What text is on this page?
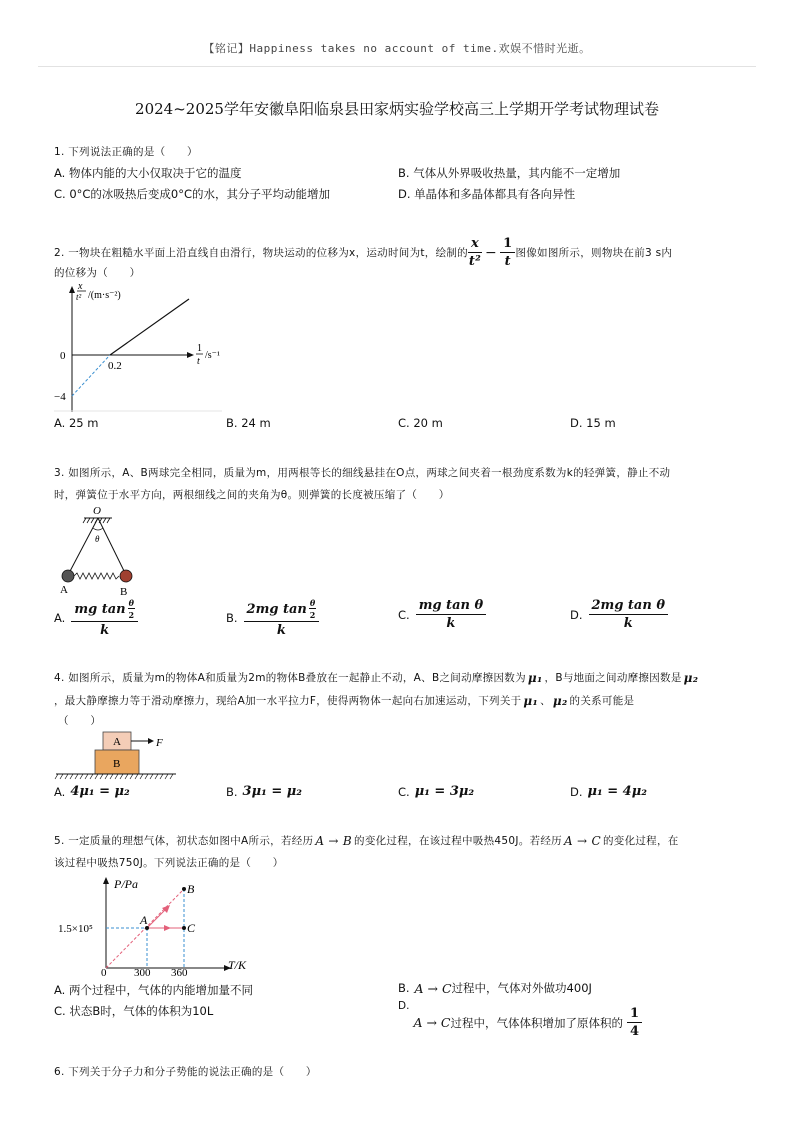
【铭记】Happiness takes no account of time.欢娱不惜时光逝。
2024~2025学年安徽阜阳临泉县田家炳实验学校高三上学期开学考试物理试卷
1. 下列说法正确的是（　　）
A. 物体内能的大小仅取决于它的温度	B. 气体从外界吸收热量，其内能不一定增加
C. 0°C的冰吸热后变成0°C的水，其分子平均动能增加	D. 单晶体和多晶体都具有各向异性
2. 一物块在粗糙水平面上沿直线自由滑行，物块运动的位移为x，运动时间为t，绘制的 $\frac{x}{\text{t²}} - \frac{1}{t}$ 图像如图所示，则物块在前3 s内
的位移为（　　）
x
t² /(m·s⁻²)
1
t
/s⁻¹
0
0.2
−4
A. 25 m	B. 24 m	C. 20 m	D. 15 m
3. 如图所示，A、B两球完全相同，质量为m，用两根等长的细线悬挂在O点，两球之间夹着一根劲度系数为k的轻弹簧，静止不动
时，弹簧位于水平方向，两根细线之间的夹角为θ。则弹簧的长度被压缩了（　　）
O
θ
A	B
A. $\frac{mg \tan \frac{\theta}{2}}{k}$	B. $\frac{2mg \tan \frac{\theta}{2}}{k}$	C. $\frac{\text{mg tan θ}}{k}$	D. $\frac{\text{2mg tan θ}}{k}$
4. 如图所示，质量为m的物体A和质量为2m的物体B叠放在一起静止不动，A、B之间动摩擦因数为 μ₁ ，B与地面之间动摩擦因数是 μ₂
，最大静摩擦力等于滑动摩擦力，现给A加一水平拉力F，使得两物体一起向右加速运动，下列关于 μ₁ 、 μ₂ 的关系可能是
（　　）
A
B
F
A. 4μ₁ = μ₂	B. 3μ₁ = μ₂	C. μ₁ = 3μ₂	D. μ₁ = 4μ₂
5. 一定质量的理想气体，初状态如图中A所示，若经历 A → B 的变化过程，在该过程中吸热450J。若经历 A → C 的变化过程，在
该过程中吸热750J。下列说法正确的是（　　）
P/Pa
T/K
A
B
C
1.5×10⁵
300 360
0
A. 两个过程中，气体的内能增加量不同	B. A → C 过程中，气体对外做功400J
C. 状态B时，气体的体积为10L	D.
A → C 过程中，气体体积增加了原体积的 $\frac{1}{4}$
6. 下列关于分子力和分子势能的说法正确的是（　　）
